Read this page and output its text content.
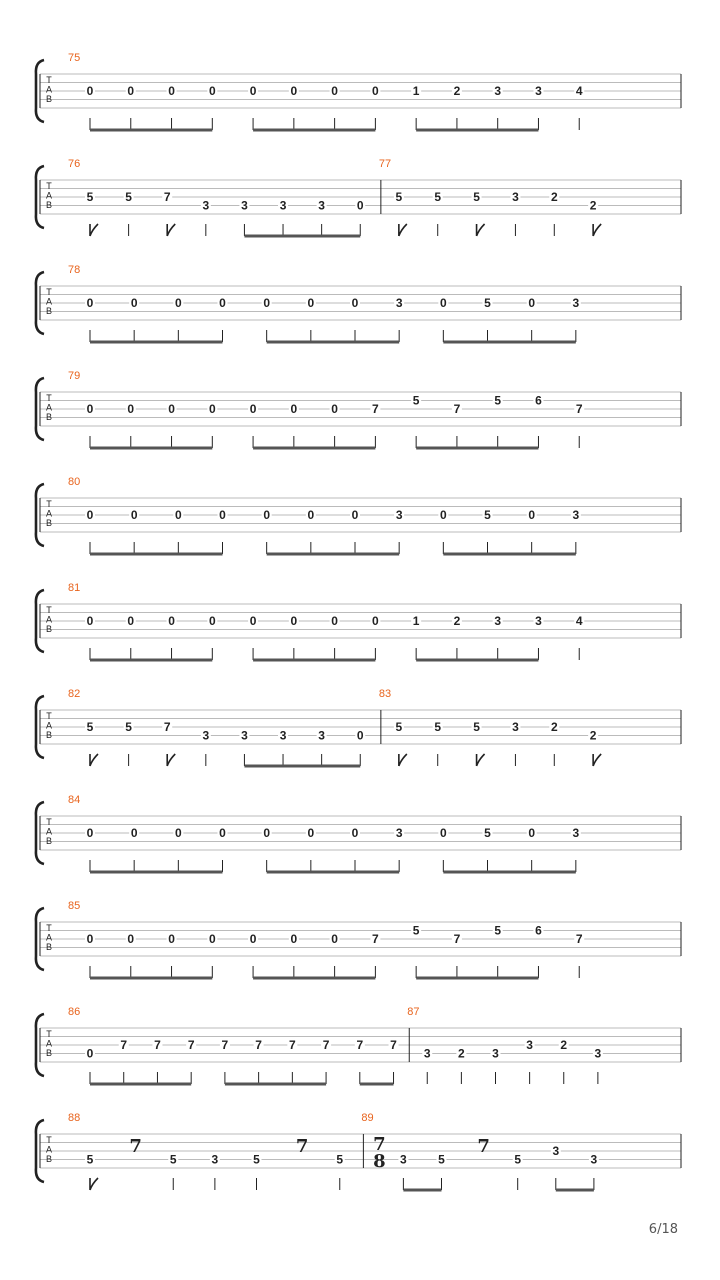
T
A
B
75
0	0	0	0	0	0	0	0	1	2	3	3	4
T
A
B
76
5	5	7
3	3	3	3	0
77
5	5	5	3	2
2
T
A
B
78
0	0	0	0	0	0	0	3	0	5	0	3
T
A
B
79
0	0	0	0	0	0	0	7
5
7
5	6
7
T
A
B
80
0	0	0	0	0	0	0	3	0	5	0	3
T
A
B
81
0	0	0	0	0	0	0	0	1	2	3	3	4
T
A
B
82
5	5	7
3	3	3	3	0
83
5	5	5	3	2
2
T
A
B
84
0	0	0	0	0	0	0	3	0	5	0	3
T
A
B
85
0	0	0	0	0	0	0	7
5
7
5	6
7
T
A
B
86
0
7 7 7 7 7 7 7 7 7
87
3 2 3
3 2
3
T
A
B
88
5
7
5	3	5
7
5
89
7
8 3	5
7
5
3
3
6/18
